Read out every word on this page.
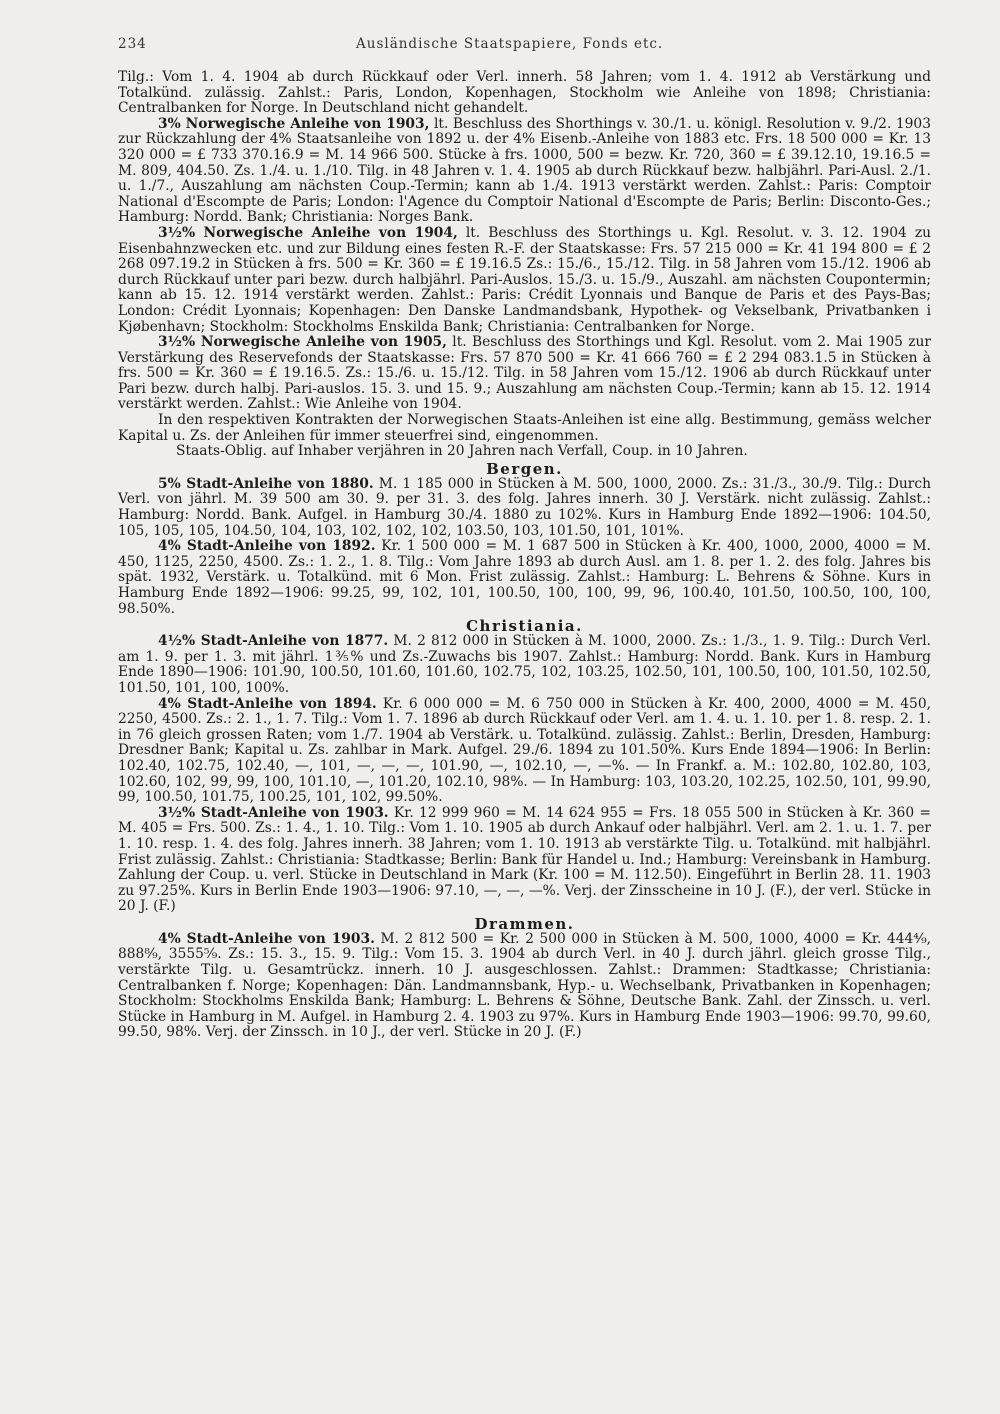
234	Ausländische Staatspapiere, Fonds etc.

Tilg.: Vom 1. 4. 1904 ab durch Rückkauf oder Verl. innerh. 58 Jahren; vom 1. 4. 1912 ab Verstärkung und Totalkünd. zulässig. Zahlst.: Paris, London, Kopenhagen, Stockholm wie Anleihe von 1898; Christiania: Centralbanken for Norge. In Deutschland nicht gehandelt.

3% Norwegische Anleihe von 1903, lt. Beschluss des Shorthings v. 30./1. u. königl. Resolution v. 9./2. 1903 zur Rückzahlung der 4% Staatsanleihe von 1892 u. der 4% Eisenb.-Anleihe von 1883 etc. Frs. 18 500 000 = Kr. 13 320 000 = £ 733 370.16.9 = M. 14 966 500. Stücke à frs. 1000, 500 = bezw. Kr. 720, 360 = £ 39.12.10, 19.16.5 = M. 809, 404.50. Zs. 1./4. u. 1./10. Tilg. in 48 Jahren v. 1. 4. 1905 ab durch Rückkauf bezw. halbjährl. Pari-Ausl. 2./1. u. 1./7., Auszahlung am nächsten Coup.-Termin; kann ab 1./4. 1913 verstärkt werden. Zahlst.: Paris: Comptoir National d'Escompte de Paris; London: l'Agence du Comptoir National d'Escompte de Paris; Berlin: Disconto-Ges.; Hamburg: Nordd. Bank; Christiania: Norges Bank.

3½% Norwegische Anleihe von 1904, lt. Beschluss des Storthings u. Kgl. Resolut. v. 3. 12. 1904 zu Eisenbahnzwecken etc. und zur Bildung eines festen R.-F. der Staatskasse: Frs. 57 215 000 = Kr. 41 194 800 = £ 2 268 097.19.2 in Stücken à frs. 500 = Kr. 360 = £ 19.16.5 Zs.: 15./6., 15./12. Tilg. in 58 Jahren vom 15./12. 1906 ab durch Rückkauf unter pari bezw. durch halbjährl. Pari-Auslos. 15./3. u. 15./9., Auszahl. am nächsten Coupontermin; kann ab 15. 12. 1914 verstärkt werden. Zahlst.: Paris: Crédit Lyonnais und Banque de Paris et des Pays-Bas; London: Crédit Lyonnais; Kopenhagen: Den Danske Landmandsbank, Hypothek- og Vekselbank, Privatbanken i Kjøbenhavn; Stockholm: Stockholms Enskilda Bank; Christiania: Centralbanken for Norge.

3½% Norwegische Anleihe von 1905, lt. Beschluss des Storthings und Kgl. Resolut. vom 2. Mai 1905 zur Verstärkung des Reservefonds der Staatskasse: Frs. 57 870 500 = Kr. 41 666 760 = £ 2 294 083.1.5 in Stücken à frs. 500 = Kr. 360 = £ 19.16.5. Zs.: 15./6. u. 15./12. Tilg. in 58 Jahren vom 15./12. 1906 ab durch Rückkauf unter Pari bezw. durch halbj. Pari-auslos. 15. 3. und 15. 9.; Auszahlung am nächsten Coup.-Termin; kann ab 15. 12. 1914 verstärkt werden. Zahlst.: Wie Anleihe von 1904.

In den respektiven Kontrakten der Norwegischen Staats-Anleihen ist eine allg. Bestimmung, gemäss welcher Kapital u. Zs. der Anleihen für immer steuerfrei sind, eingenommen.

Staats-Oblig. auf Inhaber verjähren in 20 Jahren nach Verfall, Coup. in 10 Jahren.

Bergen.

5% Stadt-Anleihe von 1880. M. 1 185 000 in Stücken à M. 500, 1000, 2000. Zs.: 31./3., 30./9. Tilg.: Durch Verl. von jährl. M. 39 500 am 30. 9. per 31. 3. des folg. Jahres innerh. 30 J. Verstärk. nicht zulässig. Zahlst.: Hamburg: Nordd. Bank. Aufgel. in Hamburg 30./4. 1880 zu 102%. Kurs in Hamburg Ende 1892—1906: 104.50, 105, 105, 105, 104.50, 104, 103, 102, 102, 102, 103.50, 103, 101.50, 101, 101%.

4% Stadt-Anleihe von 1892. Kr. 1 500 000 = M. 1 687 500 in Stücken à Kr. 400, 1000, 2000, 4000 = M. 450, 1125, 2250, 4500. Zs.: 1. 2., 1. 8. Tilg.: Vom Jahre 1893 ab durch Ausl. am 1. 8. per 1. 2. des folg. Jahres bis spät. 1932, Verstärk. u. Totalkünd. mit 6 Mon. Frist zulässig. Zahlst.: Hamburg: L. Behrens & Söhne. Kurs in Hamburg Ende 1892—1906: 99.25, 99, 102, 101, 100.50, 100, 100, 99, 96, 100.40, 101.50, 100.50, 100, 100, 98.50%.

Christiania.

4½% Stadt-Anleihe von 1877. M. 2 812 000 in Stücken à M. 1000, 2000. Zs.: 1./3., 1. 9. Tilg.: Durch Verl. am 1. 9. per 1. 3. mit jährl. 1⅗% und Zs.-Zuwachs bis 1907. Zahlst.: Hamburg: Nordd. Bank. Kurs in Hamburg Ende 1890—1906: 101.90, 100.50, 101.60, 101.60, 102.75, 102, 103.25, 102.50, 101, 100.50, 100, 101.50, 102.50, 101.50, 101, 100, 100%.

4% Stadt-Anleihe von 1894. Kr. 6 000 000 = M. 6 750 000 in Stücken à Kr. 400, 2000, 4000 = M. 450, 2250, 4500. Zs.: 2. 1., 1. 7. Tilg.: Vom 1. 7. 1896 ab durch Rückkauf oder Verl. am 1. 4. u. 1. 10. per 1. 8. resp. 2. 1. in 76 gleich grossen Raten; vom 1./7. 1904 ab Verstärk. u. Totalkünd. zulässig. Zahlst.: Berlin, Dresden, Hamburg: Dresdner Bank; Kapital u. Zs. zahlbar in Mark. Aufgel. 29./6. 1894 zu 101.50%. Kurs Ende 1894—1906: In Berlin: 102.40, 102.75, 102.40, —, 101, —, —, —, 101.90, —, 102.10, —, —%. — In Frankf. a. M.: 102.80, 102.80, 103, 102.60, 102, 99, 99, 100, 101.10, —, 101.20, 102.10, 98%. — In Hamburg: 103, 103.20, 102.25, 102.50, 101, 99.90, 99, 100.50, 101.75, 100.25, 101, 102, 99.50%.

3½% Stadt-Anleihe von 1903. Kr. 12 999 960 = M. 14 624 955 = Frs. 18 055 500 in Stücken à Kr. 360 = M. 405 = Frs. 500. Zs.: 1. 4., 1. 10. Tilg.: Vom 1. 10. 1905 ab durch Ankauf oder halbjährl. Verl. am 2. 1. u. 1. 7. per 1. 10. resp. 1. 4. des folg. Jahres innerh. 38 Jahren; vom 1. 10. 1913 ab verstärkte Tilg. u. Totalkünd. mit halbjährl. Frist zulässig. Zahlst.: Christiania: Stadtkasse; Berlin: Bank für Handel u. Ind.; Hamburg: Vereinsbank in Hamburg. Zahlung der Coup. u. verl. Stücke in Deutschland in Mark (Kr. 100 = M. 112.50). Eingeführt in Berlin 28. 11. 1903 zu 97.25%. Kurs in Berlin Ende 1903—1906: 97.10, —, —, —%. Verj. der Zinsscheine in 10 J. (F.), der verl. Stücke in 20 J. (F.)

Drammen.

4% Stadt-Anleihe von 1903. M. 2 812 500 = Kr. 2 500 000 in Stücken à M. 500, 1000, 4000 = Kr. 444⁴⁄₉, 888⁸⁄₉, 3555⁵⁄₉. Zs.: 15. 3., 15. 9. Tilg.: Vom 15. 3. 1904 ab durch Verl. in 40 J. durch jährl. gleich grosse Tilg., verstärkte Tilg. u. Gesamtrückz. innerh. 10 J. ausgeschlossen. Zahlst.: Drammen: Stadtkasse; Christiania: Centralbanken f. Norge; Kopenhagen: Dän. Landmannsbank, Hyp.- u. Wechselbank, Privatbanken in Kopenhagen; Stockholm: Stockholms Enskilda Bank; Hamburg: L. Behrens & Söhne, Deutsche Bank. Zahl. der Zinssch. u. verl. Stücke in Hamburg in M. Aufgel. in Hamburg 2. 4. 1903 zu 97%. Kurs in Hamburg Ende 1903—1906: 99.70, 99.60, 99.50, 98%. Verj. der Zinssch. in 10 J., der verl. Stücke in 20 J. (F.)
